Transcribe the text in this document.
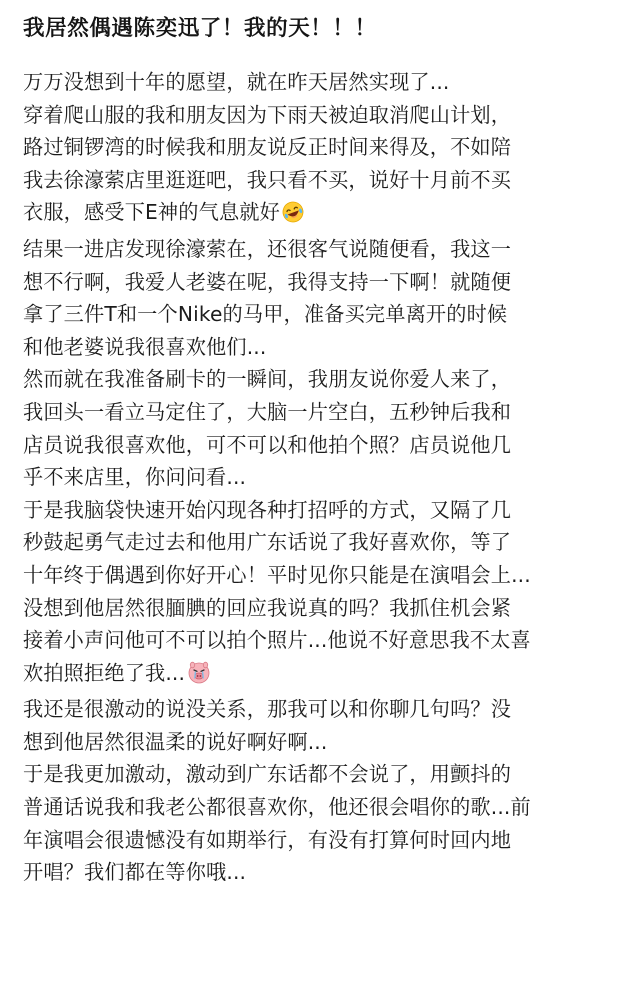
我居然偶遇陈奕迅了！我的天！！！
万万没想到十年的愿望，就在昨天居然实现了...
穿着爬山服的我和朋友因为下雨天被迫取消爬山计划，
路过铜锣湾的时候我和朋友说反正时间来得及，不如陪
我去徐濠萦店里逛逛吧，我只看不买，说好十月前不买
衣服，感受下E神的气息就好
结果一进店发现徐濠萦在，还很客气说随便看，我这一
想不行啊，我爱人老婆在呢，我得支持一下啊！就随便
拿了三件T和一个Nike的马甲，准备买完单离开的时候
和他老婆说我很喜欢他们...
然而就在我准备刷卡的一瞬间，我朋友说你爱人来了，
我回头一看立马定住了，大脑一片空白，五秒钟后我和
店员说我很喜欢他，可不可以和他拍个照？店员说他几
乎不来店里，你问问看...
于是我脑袋快速开始闪现各种打招呼的方式，又隔了几
秒鼓起勇气走过去和他用广东话说了我好喜欢你，等了
十年终于偶遇到你好开心！平时见你只能是在演唱会上...
没想到他居然很腼腆的回应我说真的吗？我抓住机会紧
接着小声问他可不可以拍个照片...他说不好意思我不太喜
欢拍照拒绝了我...
我还是很激动的说没关系，那我可以和你聊几句吗？没
想到他居然很温柔的说好啊好啊...
于是我更加激动，激动到广东话都不会说了，用颤抖的
普通话说我和我老公都很喜欢你，他还很会唱你的歌...前
年演唱会很遗憾没有如期举行，有没有打算何时回内地
开唱？我们都在等你哦...
